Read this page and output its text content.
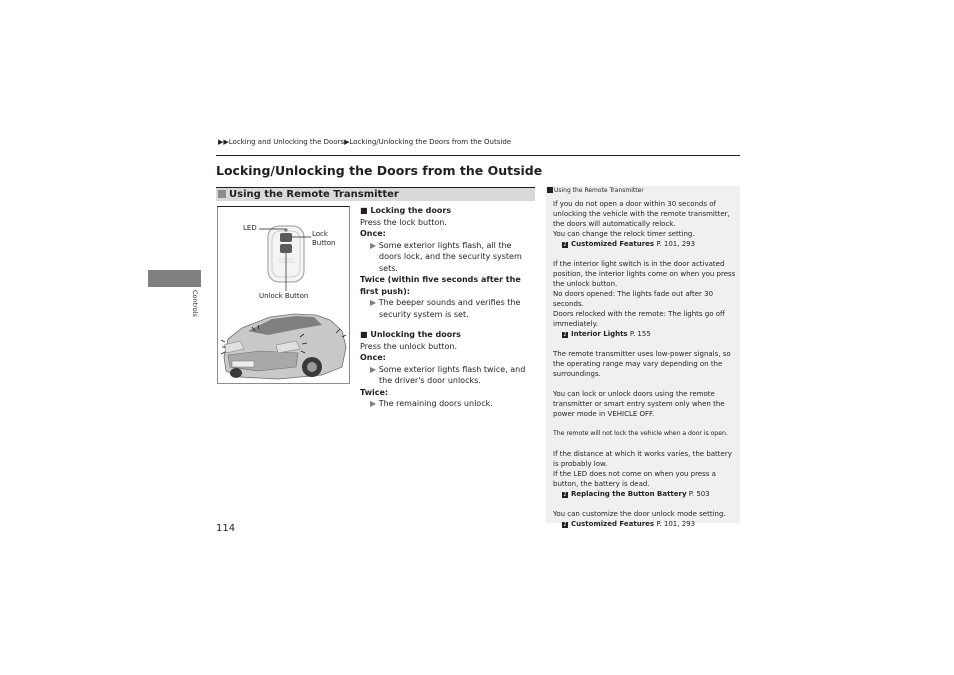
▶▶Locking and Unlocking the Doors▶Locking/Unlocking the Doors from the Outside
Locking/Unlocking the Doors from the Outside
Using the Remote Transmitter
Controls
LED
Lock
Button
Unlock Button
■ Locking the doors
Press the lock button.
Once:
▶ Some exterior lights flash, all the doors lock, and the security system sets.
Twice (within five seconds after the first push):
▶ The beeper sounds and verifies the security system is set.
■ Unlocking the doors
Press the unlock button.
Once:
▶ Some exterior lights flash twice, and the driver's door unlocks.
Twice:
▶ The remaining doors unlock.
Using the Remote Transmitter

If you do not open a door within 30 seconds of unlocking the vehicle with the remote transmitter, the doors will automatically relock.

You can change the relock timer setting.

2 Customized Features P. 101, 293

If the interior light switch is in the door activated position, the interior lights come on when you press the unlock button.

No doors opened: The lights fade out after 30 seconds.

Doors relocked with the remote: The lights go off immediately.

2 Interior Lights P. 155

The remote transmitter uses low-power signals, so the operating range may vary depending on the surroundings.

You can lock or unlock doors using the remote transmitter or smart entry system only when the power mode in VEHICLE OFF.

The remote will not lock the vehicle when a door is open.

If the distance at which it works varies, the battery is probably low.

If the LED does not come on when you press a button, the battery is dead.

2 Replacing the Button Battery P. 503

You can customize the door unlock mode setting.

2 Customized Features P. 101, 293

114
